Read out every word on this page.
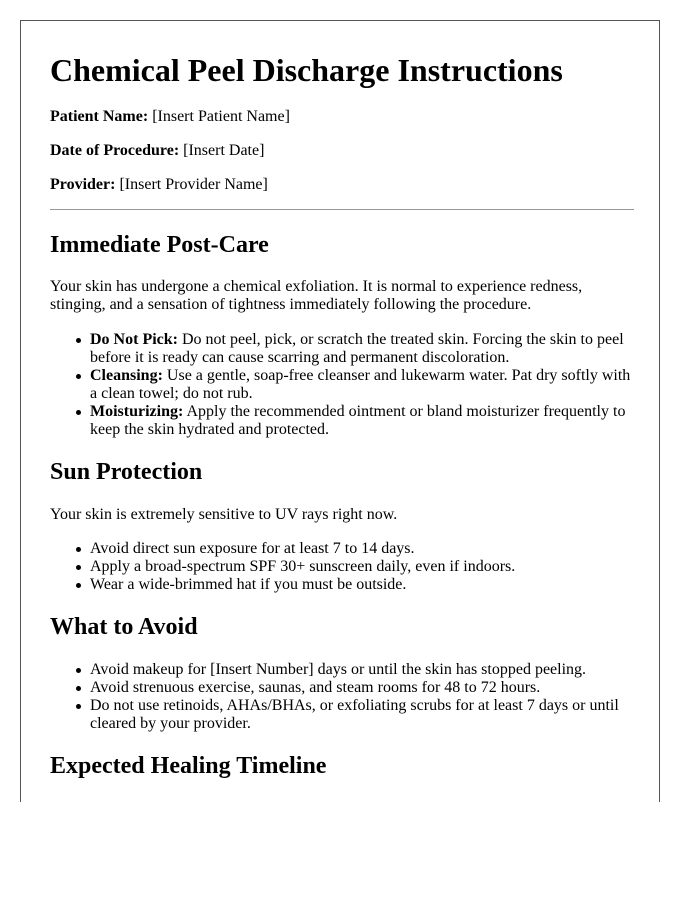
Chemical Peel Discharge Instructions

Patient Name: [Insert Patient Name]

Date of Procedure: [Insert Date]

Provider: [Insert Provider Name]

Immediate Post-Care

Your skin has undergone a chemical exfoliation. It is normal to experience redness, stinging, and a sensation of tightness immediately following the procedure.

Do Not Pick: Do not peel, pick, or scratch the treated skin. Forcing the skin to peel before it is ready can cause scarring and permanent discoloration.
Cleansing: Use a gentle, soap-free cleanser and lukewarm water. Pat dry softly with a clean towel; do not rub.
Moisturizing: Apply the recommended ointment or bland moisturizer frequently to keep the skin hydrated and protected.
Sun Protection

Your skin is extremely sensitive to UV rays right now.

Avoid direct sun exposure for at least 7 to 14 days.
Apply a broad-spectrum SPF 30+ sunscreen daily, even if indoors.
Wear a wide-brimmed hat if you must be outside.
What to Avoid
Avoid makeup for [Insert Number] days or until the skin has stopped peeling.
Avoid strenuous exercise, saunas, and steam rooms for 48 to 72 hours.
Do not use retinoids, AHAs/BHAs, or exfoliating scrubs for at least 7 days or until cleared by your provider.
Expected Healing Timeline
